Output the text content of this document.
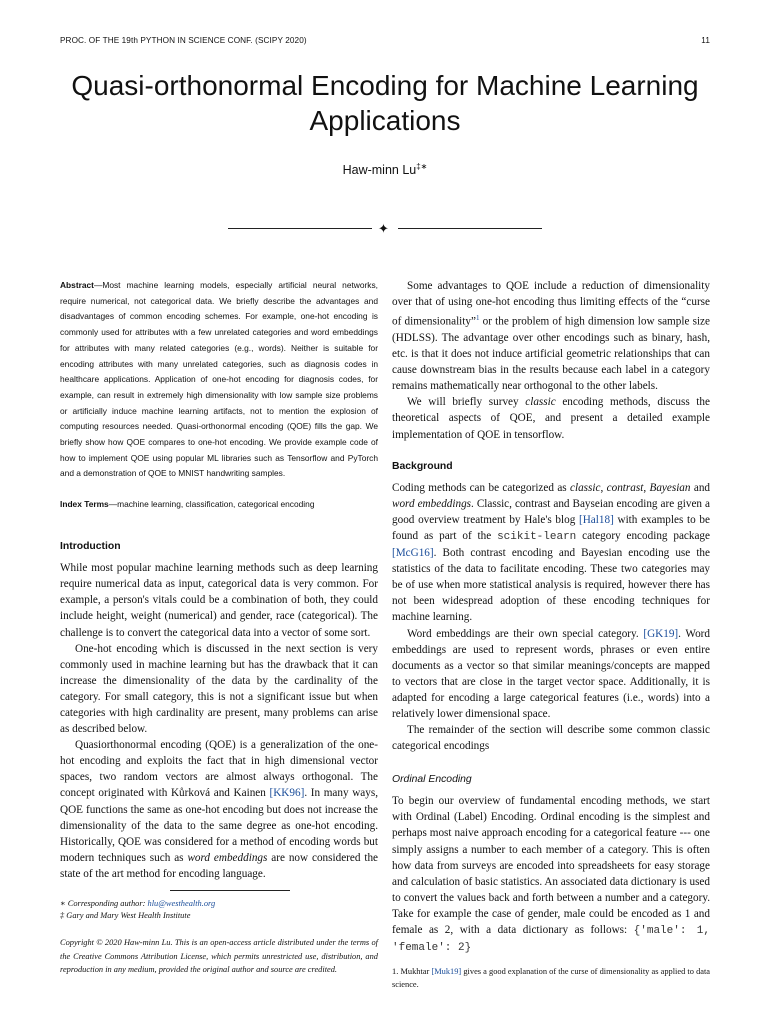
PROC. OF THE 19th PYTHON IN SCIENCE CONF. (SCIPY 2020)	11
Quasi-orthonormal Encoding for Machine Learning
Applications
Haw-minn Lu‡∗
✦

Abstract—Most machine learning models, especially artificial neural networks, require numerical, not categorical data. We briefly describe the advantages and disadvantages of common encoding schemes. For example, one-hot encoding is commonly used for attributes with a few unrelated categories and word embeddings for attributes with many related categories (e.g., words). Neither is suitable for encoding attributes with many unrelated categories, such as diagnosis codes in healthcare applications. Application of one-hot encoding for diagnosis codes, for example, can result in extremely high dimensionality with low sample size problems or artificially induce machine learning artifacts, not to mention the explosion of computing resources needed. Quasi-orthonormal encoding (QOE) fills the gap. We briefly show how QOE compares to one-hot encoding. We provide example code of how to implement QOE using popular ML libraries such as Tensorflow and PyTorch and a demonstration of QOE to MNIST handwriting samples.

Index Terms—machine learning, classification, categorical encoding

Introduction

While most popular machine learning methods such as deep learning require numerical data as input, categorical data is very common. For example, a person's vitals could be a combination of both, they could include height, weight (numerical) and gender, race (categorical). The challenge is to convert the categorical data into a vector of some sort.

One-hot encoding which is discussed in the next section is very commonly used in machine learning but has the drawback that it can increase the dimensionality of the data by the cardinality of the category. For small category, this is not a significant issue but when categories with high cardinality are present, many problems can arise as described below.

Quasiorthonormal encoding (QOE) is a generalization of the one-hot encoding and exploits the fact that in high dimensional vector spaces, two random vectors are almost always orthogonal. The concept originated with Kůrková and Kainen [KK96]. In many ways, QOE functions the same as one-hot encoding but does not increase the dimensionality of the data to the same degree as one-hot encoding. Historically, QOE was considered for a method of encoding words but modern techniques such as word embeddings are now considered the state of the art method for encoding language.

∗ Corresponding author: hlu@westhealth.org
‡ Gary and Mary West Health Institute

Copyright © 2020 Haw-minn Lu. This is an open-access article distributed under the terms of the Creative Commons Attribution License, which permits unrestricted use, distribution, and reproduction in any medium, provided the original author and source are credited.

Some advantages to QOE include a reduction of dimensionality over that of using one-hot encoding thus limiting effects of the “curse of dimensionality”$^1$ or the problem of high dimension low sample size (HDLSS). The advantage over other encodings such as binary, hash, etc. is that it does not induce artificial geometric relationships that can cause downstream bias in the results because each label in a category remains mathematically near orthogonal to the other labels.

We will briefly survey classic encoding methods, discuss the theoretical aspects of QOE, and present a detailed example implementation of QOE in tensorflow.

Background

Coding methods can be categorized as classic, contrast, Bayesian and word embeddings. Classic, contrast and Bayseian encoding are given a good overview treatment by Hale's blog [Hal18] with examples to be found as part of the scikit-learn category encoding package [McG16]. Both contrast encoding and Bayesian encoding use the statistics of the data to facilitate encoding. These two categories may be of use when more statistical analysis is required, however there has not been widespread adoption of these encoding techniques for machine learning.

Word embeddings are their own special category. [GK19]. Word embeddings are used to represent words, phrases or even entire documents as a vector so that similar meanings/concepts are mapped to vectors that are close in the target vector space. Additionally, it is adapted for encoding a large categorical features (i.e., words) into a relatively lower dimensional space.

The remainder of the section will describe some common classic categorical encodings

Ordinal Encoding

To begin our overview of fundamental encoding methods, we start with Ordinal (Label) Encoding. Ordinal encoding is the simplest and perhaps most naive approach encoding for a categorical feature --- one simply assigns a number to each member of a category. This is often how data from surveys are encoded into spreadsheets for easy storage and calculation of basic statistics. An associated data dictionary is used to convert the values back and forth between a number and a category. Take for example the case of gender, male could be encoded as 1 and female as 2, with a data dictionary as follows: {'male': 1, 'female': 2}

1. Mukhtar [Muk19] gives a good explanation of the curse of dimensionality as applied to data science.
